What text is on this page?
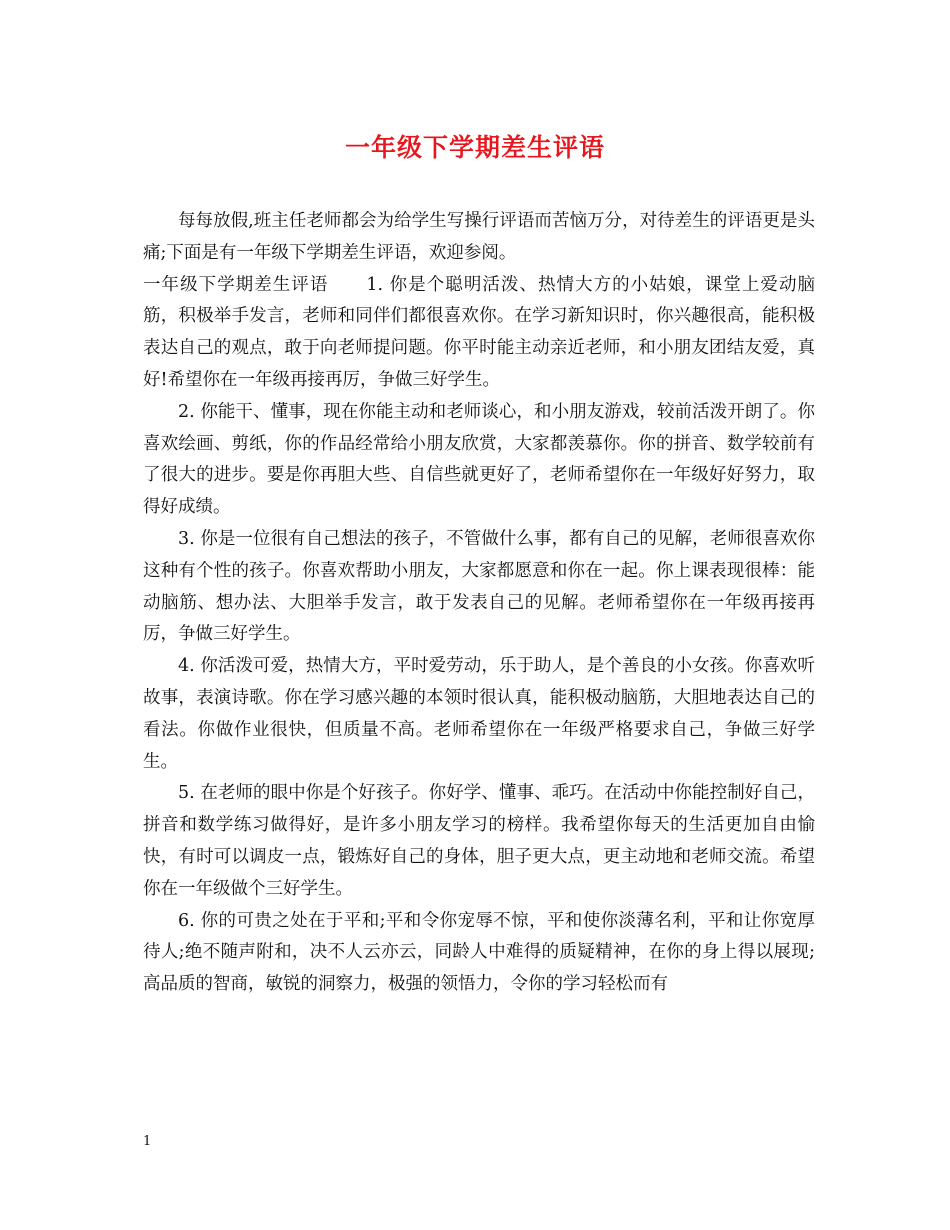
一年级下学期差生评语

每每放假,班主任老师都会为给学生写操行评语而苦恼万分，对待差生的评语更是头痛;下面是有一年级下学期差生评语，欢迎参阅。

一年级下学期差生评语 1. 你是个聪明活泼、热情大方的小姑娘，课堂上爱动脑筋，积极举手发言，老师和同伴们都很喜欢你。在学习新知识时，你兴趣很高，能积极表达自己的观点，敢于向老师提问题。你平时能主动亲近老师，和小朋友团结友爱，真好!希望你在一年级再接再厉，争做三好学生。

2. 你能干、懂事，现在你能主动和老师谈心，和小朋友游戏，较前活泼开朗了。你喜欢绘画、剪纸，你的作品经常给小朋友欣赏，大家都羡慕你。你的拼音、数学较前有了很大的进步。要是你再胆大些、自信些就更好了，老师希望你在一年级好好努力，取得好成绩。

3. 你是一位很有自己想法的孩子，不管做什么事，都有自己的见解，老师很喜欢你这种有个性的孩子。你喜欢帮助小朋友，大家都愿意和你在一起。你上课表现很棒：能动脑筋、想办法、大胆举手发言，敢于发表自己的见解。老师希望你在一年级再接再厉，争做三好学生。

4. 你活泼可爱，热情大方，平时爱劳动，乐于助人，是个善良的小女孩。你喜欢听故事，表演诗歌。你在学习感兴趣的本领时很认真，能积极动脑筋，大胆地表达自己的看法。你做作业很快，但质量不高。老师希望你在一年级严格要求自己，争做三好学生。

5. 在老师的眼中你是个好孩子。你好学、懂事、乖巧。在活动中你能控制好自己，拼音和数学练习做得好，是许多小朋友学习的榜样。我希望你每天的生活更加自由愉快，有时可以调皮一点，锻炼好自己的身体，胆子更大点，更主动地和老师交流。希望你在一年级做个三好学生。

6. 你的可贵之处在于平和;平和令你宠辱不惊，平和使你淡薄名利，平和让你宽厚待人;绝不随声附和，决不人云亦云，同龄人中难得的质疑精神，在你的身上得以展现;高品质的智商，敏锐的洞察力，极强的领悟力，令你的学习轻松而有

1
